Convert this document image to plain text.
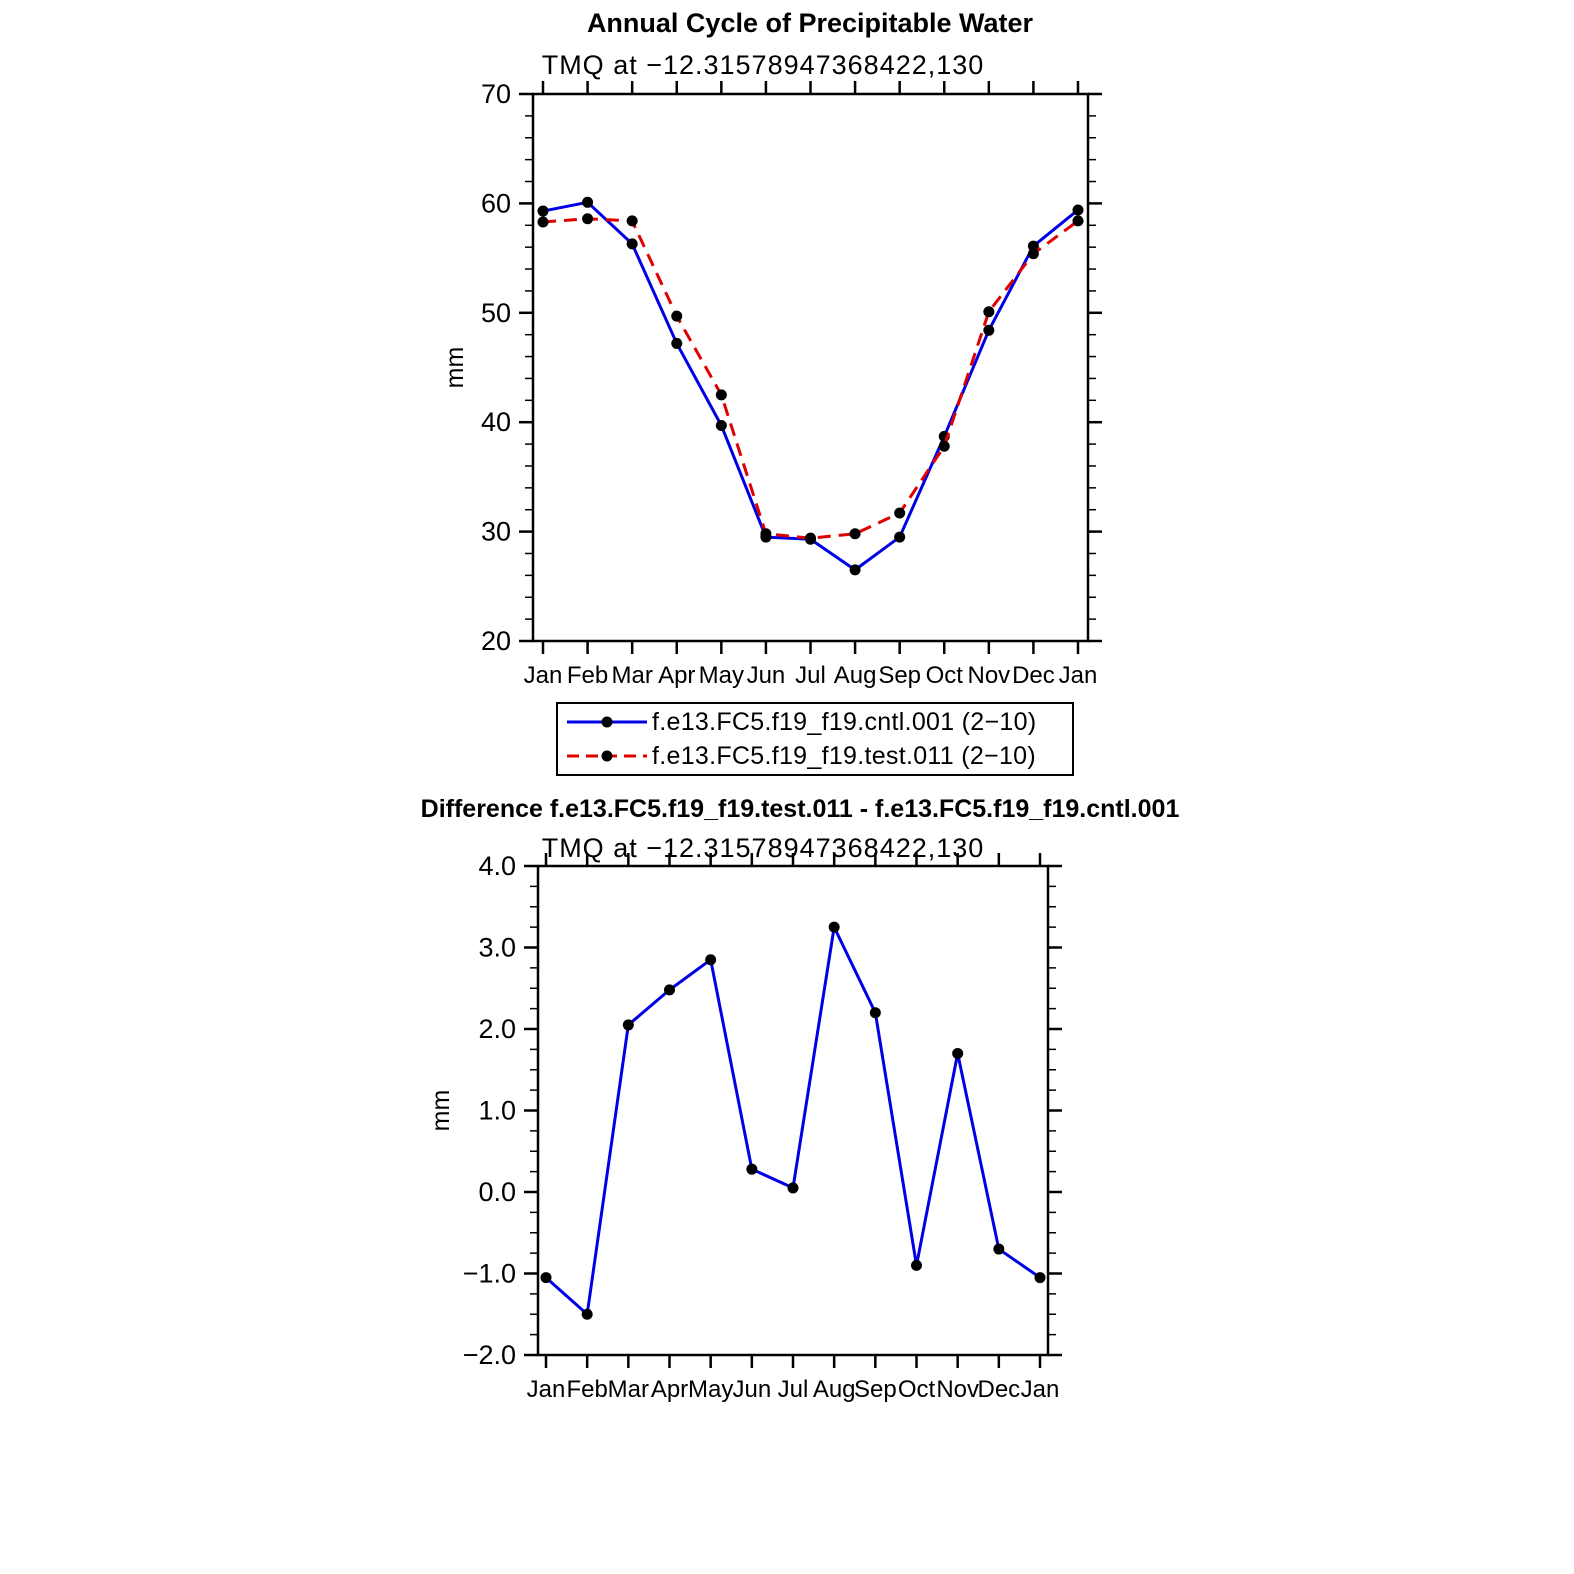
Annual Cycle of Precipitable Water
TMQ at −12.31578947368422,130
Difference f.e13.FC5.f19_f19.test.011 - f.e13.FC5.f19_f19.cntl.001
TMQ at −12.31578947368422,130
20
30
40
50
60
70
Jan Feb Mar Apr May Jun Jul Aug Sep Oct Nov Dec Jan
mm
−2.0
−1.0
0.0
1.0
2.0
3.0
4.0
Jan Feb Mar Apr May Jun Jul Aug
Sep Oct Nov
Dec Jan
mm
f.e13.FC5.f19_f19.cntl.001 (2−10)
f.e13.FC5.f19_f19.test.011 (2−10)
